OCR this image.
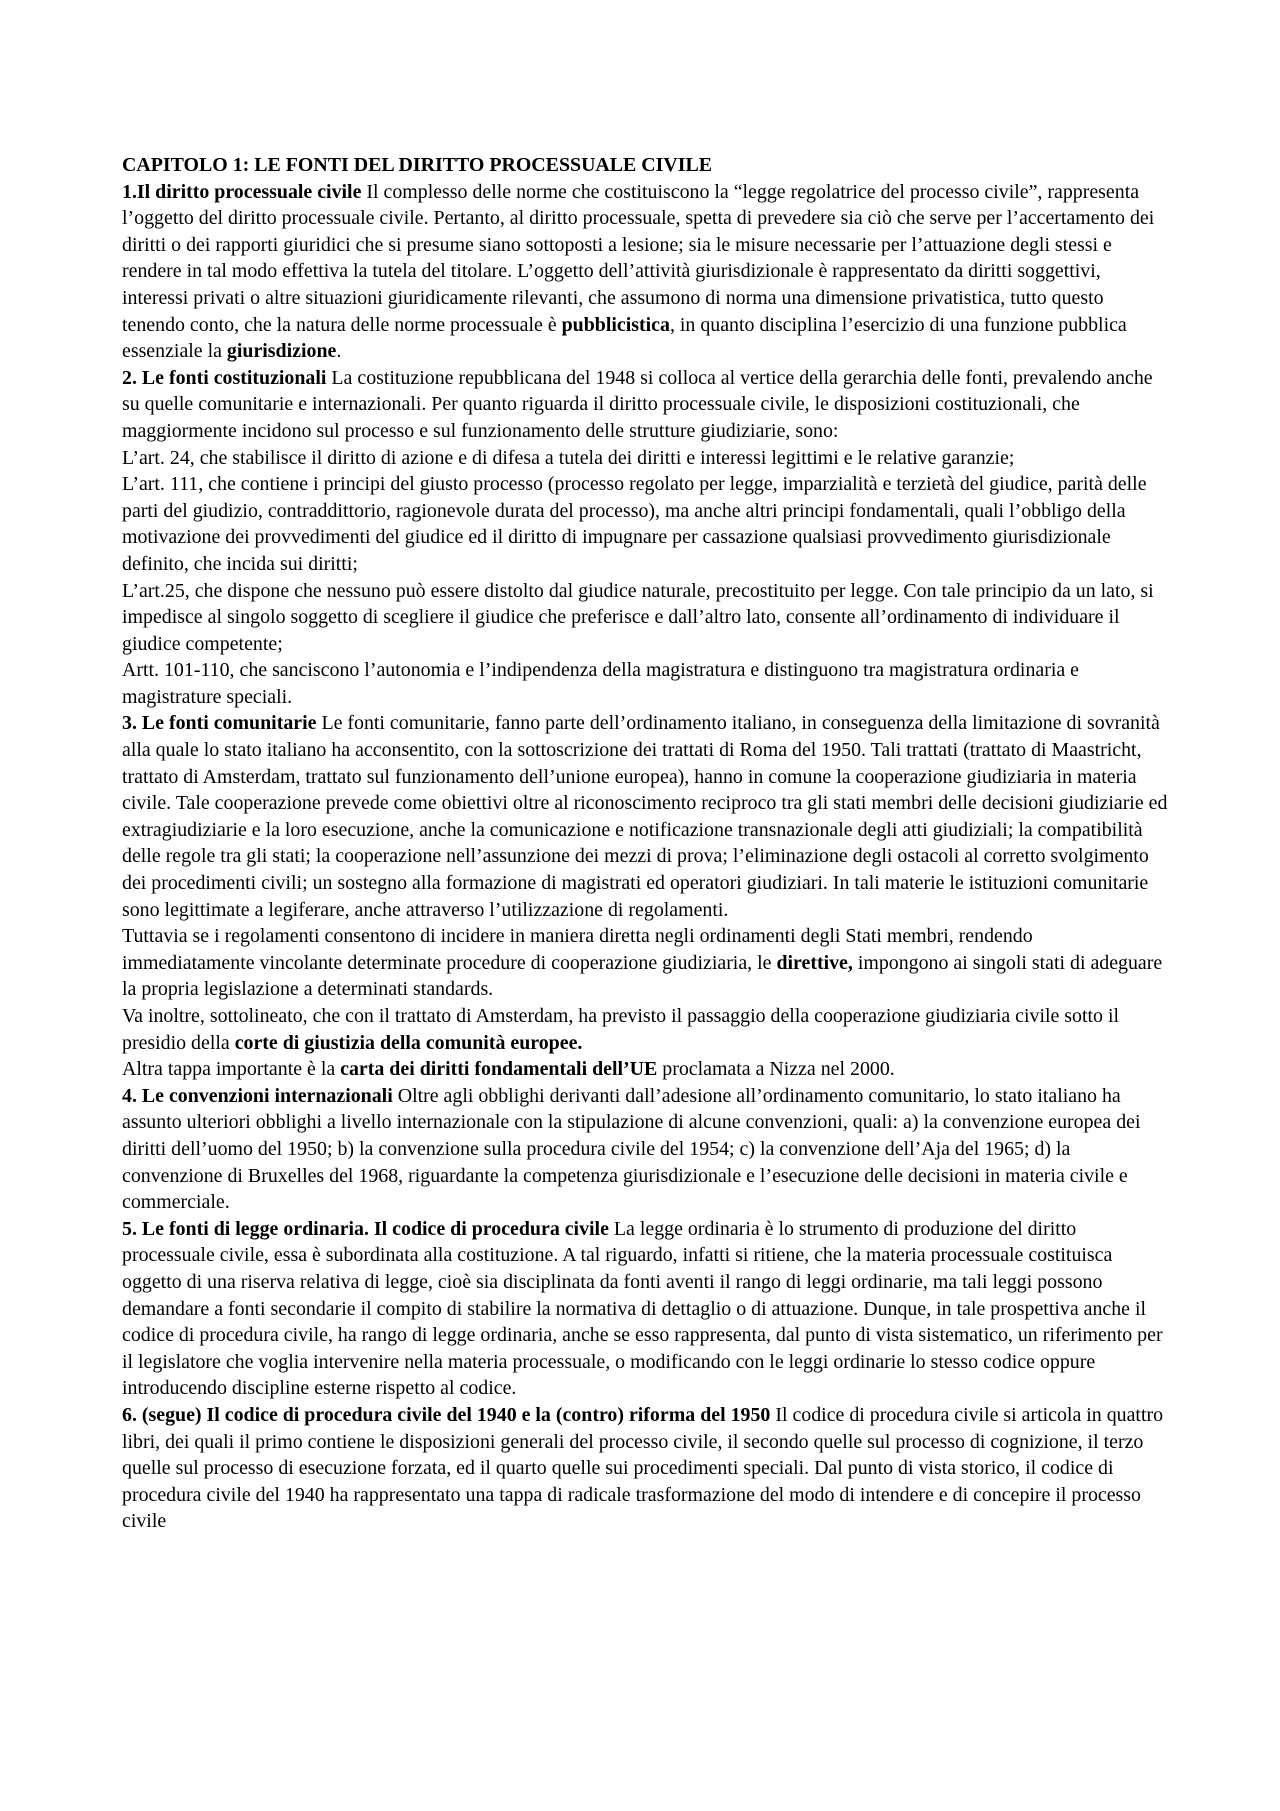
CAPITOLO 1: LE FONTI DEL DIRITTO PROCESSUALE CIVILE

1.Il diritto processuale civile Il complesso delle norme che costituiscono la “legge regolatrice del processo civile”, rappresenta l’oggetto del diritto processuale civile. Pertanto, al diritto processuale, spetta di prevedere sia ciò che serve per l’accertamento dei diritti o dei rapporti giuridici che si presume siano sottoposti a lesione; sia le misure necessarie per l’attuazione degli stessi e rendere in tal modo effettiva la tutela del titolare. L’oggetto dell’attività giurisdizionale è rappresentato da diritti soggettivi, interessi privati o altre situazioni giuridicamente rilevanti, che assumono di norma una dimensione privatistica, tutto questo tenendo conto, che la natura delle norme processuale è pubblicistica, in quanto disciplina l’esercizio di una funzione pubblica essenziale la giurisdizione.

2. Le fonti costituzionali La costituzione repubblicana del 1948 si colloca al vertice della gerarchia delle fonti, prevalendo anche su quelle comunitarie e internazionali. Per quanto riguarda il diritto processuale civile, le disposizioni costituzionali, che maggiormente incidono sul processo e sul funzionamento delle strutture giudiziarie, sono:

L’art. 24, che stabilisce il diritto di azione e di difesa a tutela dei diritti e interessi legittimi e le relative garanzie;

L’art. 111, che contiene i principi del giusto processo (processo regolato per legge, imparzialità e terzietà del giudice, parità delle parti del giudizio, contraddittorio, ragionevole durata del processo), ma anche altri principi fondamentali, quali l’obbligo della motivazione dei provvedimenti del giudice ed il diritto di impugnare per cassazione qualsiasi provvedimento giurisdizionale definito, che incida sui diritti;

L’art.25, che dispone che nessuno può essere distolto dal giudice naturale, precostituito per legge. Con tale principio da un lato, si impedisce al singolo soggetto di scegliere il giudice che preferisce e dall’altro lato, consente all’ordinamento di individuare il giudice competente;

Artt. 101-110, che sanciscono l’autonomia e l’indipendenza della magistratura e distinguono tra magistratura ordinaria e magistrature speciali.

3. Le fonti comunitarie Le fonti comunitarie, fanno parte dell’ordinamento italiano, in conseguenza della limitazione di sovranità alla quale lo stato italiano ha acconsentito, con la sottoscrizione dei trattati di Roma del 1950. Tali trattati (trattato di Maastricht, trattato di Amsterdam, trattato sul funzionamento dell’unione europea), hanno in comune la cooperazione giudiziaria in materia civile. Tale cooperazione prevede come obiettivi oltre al riconoscimento reciproco tra gli stati membri delle decisioni giudiziarie ed extragiudiziarie e la loro esecuzione, anche la comunicazione e notificazione transnazionale degli atti giudiziali; la compatibilità delle regole tra gli stati; la cooperazione nell’assunzione dei mezzi di prova; l’eliminazione degli ostacoli al corretto svolgimento dei procedimenti civili; un sostegno alla formazione di magistrati ed operatori giudiziari. In tali materie le istituzioni comunitarie sono legittimate a legiferare, anche attraverso l’utilizzazione di regolamenti.

Tuttavia se i regolamenti consentono di incidere in maniera diretta negli ordinamenti degli Stati membri, rendendo immediatamente vincolante determinate procedure di cooperazione giudiziaria, le direttive, impongono ai singoli stati di adeguare la propria legislazione a determinati standards.

Va inoltre, sottolineato, che con il trattato di Amsterdam, ha previsto il passaggio della cooperazione giudiziaria civile sotto il presidio della corte di giustizia della comunità europee.

Altra tappa importante è la carta dei diritti fondamentali dell’UE proclamata a Nizza nel 2000.

4. Le convenzioni internazionali Oltre agli obblighi derivanti dall’adesione all’ordinamento comunitario, lo stato italiano ha assunto ulteriori obblighi a livello internazionale con la stipulazione di alcune convenzioni, quali: a) la convenzione europea dei diritti dell’uomo del 1950; b) la convenzione sulla procedura civile del 1954; c) la convenzione dell’Aja del 1965; d) la convenzione di Bruxelles del 1968, riguardante la competenza giurisdizionale e l’esecuzione delle decisioni in materia civile e commerciale.

5. Le fonti di legge ordinaria. Il codice di procedura civile La legge ordinaria è lo strumento di produzione del diritto processuale civile, essa è subordinata alla costituzione. A tal riguardo, infatti si ritiene, che la materia processuale costituisca oggetto di una riserva relativa di legge, cioè sia disciplinata da fonti aventi il rango di leggi ordinarie, ma tali leggi possono demandare a fonti secondarie il compito di stabilire la normativa di dettaglio o di attuazione. Dunque, in tale prospettiva anche il codice di procedura civile, ha rango di legge ordinaria, anche se esso rappresenta, dal punto di vista sistematico, un riferimento per il legislatore che voglia intervenire nella materia processuale, o modificando con le leggi ordinarie lo stesso codice oppure introducendo discipline esterne rispetto al codice.

6. (segue) Il codice di procedura civile del 1940 e la (contro) riforma del 1950 Il codice di procedura civile si articola in quattro libri, dei quali il primo contiene le disposizioni generali del processo civile, il secondo quelle sul processo di cognizione, il terzo quelle sul processo di esecuzione forzata, ed il quarto quelle sui procedimenti speciali. Dal punto di vista storico, il codice di procedura civile del 1940 ha rappresentato una tappa di radicale trasformazione del modo di intendere e di concepire il processo civile
